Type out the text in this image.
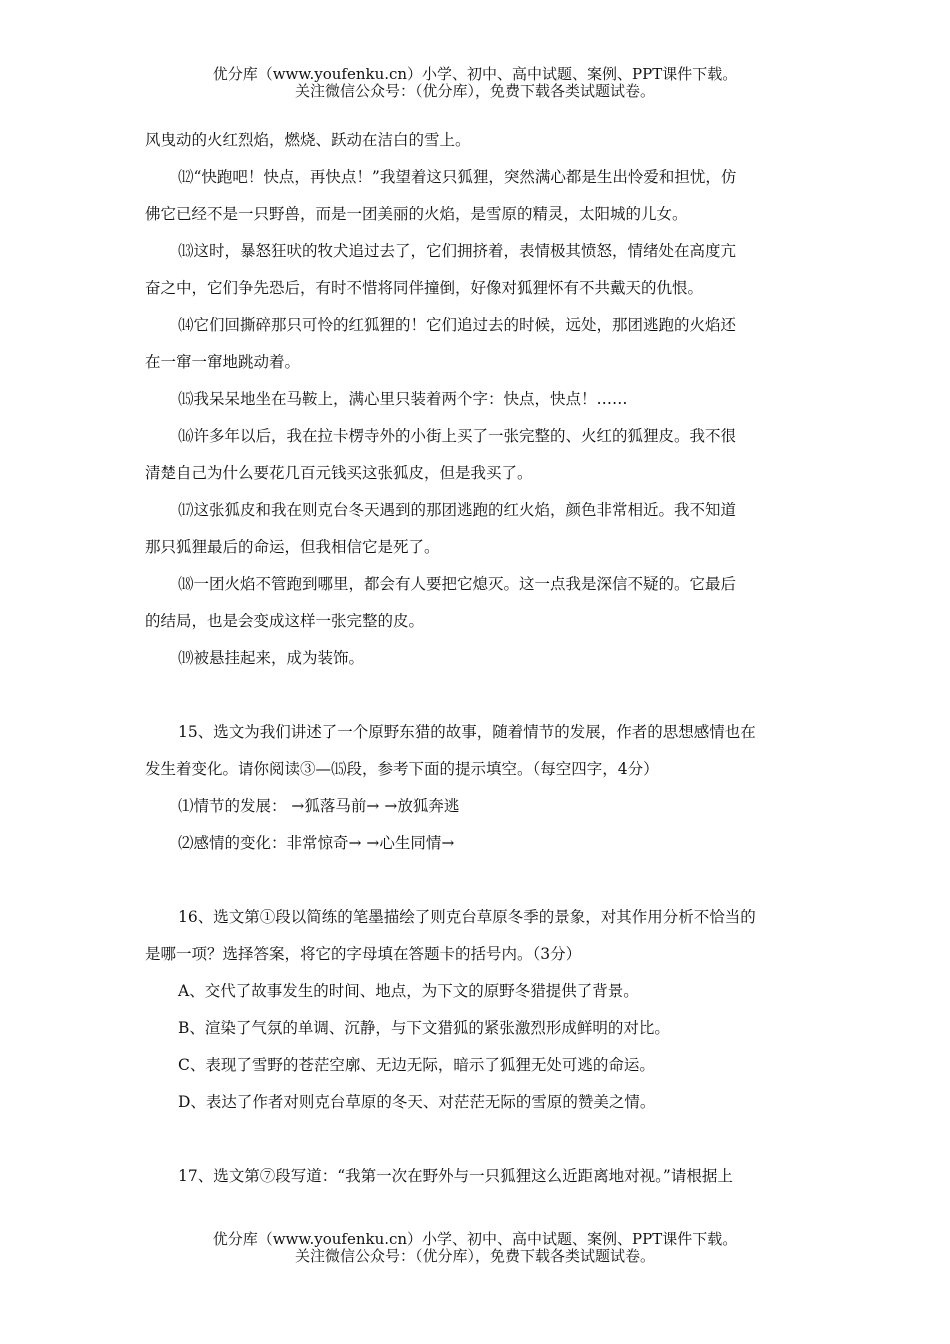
优分库（www.youfenku.cn）小学、初中、高中试题、案例、PPT课件下载。
关注微信公众号：（优分库），免费下载各类试题试卷。
风曳动的火红烈焰，燃烧、跃动在洁白的雪上。
⑿“快跑吧！快点，再快点！”我望着这只狐狸，突然满心都是生出怜爱和担忧，仿
佛它已经不是一只野兽，而是一团美丽的火焰，是雪原的精灵，太阳城的儿女。
⒀这时，暴怒狂吠的牧犬追过去了，它们拥挤着，表情极其愤怒，情绪处在高度亢
奋之中，它们争先恐后，有时不惜将同伴撞倒，好像对狐狸怀有不共戴天的仇恨。
⒁它们回撕碎那只可怜的红狐狸的！它们追过去的时候，远处，那团逃跑的火焰还
在一窜一窜地跳动着。
⒂我呆呆地坐在马鞍上，满心里只装着两个字：快点，快点！……
⒃许多年以后，我在拉卡楞寺外的小街上买了一张完整的、火红的狐狸皮。我不很
清楚自己为什么要花几百元钱买这张狐皮，但是我买了。
⒄这张狐皮和我在则克台冬天遇到的那团逃跑的红火焰，颜色非常相近。我不知道
那只狐狸最后的命运，但我相信它是死了。
⒅一团火焰不管跑到哪里，都会有人要把它熄灭。这一点我是深信不疑的。它最后
的结局，也是会变成这样一张完整的皮。
⒆被悬挂起来，成为装饰。
15、选文为我们讲述了一个原野东猎的故事，随着情节的发展，作者的思想感情也在
发生着变化。请你阅读③—⒂段，参考下面的提示填空。（每空四字，4分）
⑴情节的发展： →狐落马前→ →放狐奔逃
⑵感情的变化：非常惊奇→ →心生同情→
16、选文第①段以简练的笔墨描绘了则克台草原冬季的景象，对其作用分析不恰当的
是哪一项？选择答案，将它的字母填在答题卡的括号内。（3分）
A、交代了故事发生的时间、地点，为下文的原野冬猎提供了背景。
B、渲染了气氛的单调、沉静，与下文猎狐的紧张激烈形成鲜明的对比。
C、表现了雪野的苍茫空廓、无边无际，暗示了狐狸无处可逃的命运。
D、表达了作者对则克台草原的冬天、对茫茫无际的雪原的赞美之情。
17、选文第⑦段写道：“我第一次在野外与一只狐狸这么近距离地对视。”请根据上
优分库（www.youfenku.cn）小学、初中、高中试题、案例、PPT课件下载。
关注微信公众号：（优分库），免费下载各类试题试卷。
